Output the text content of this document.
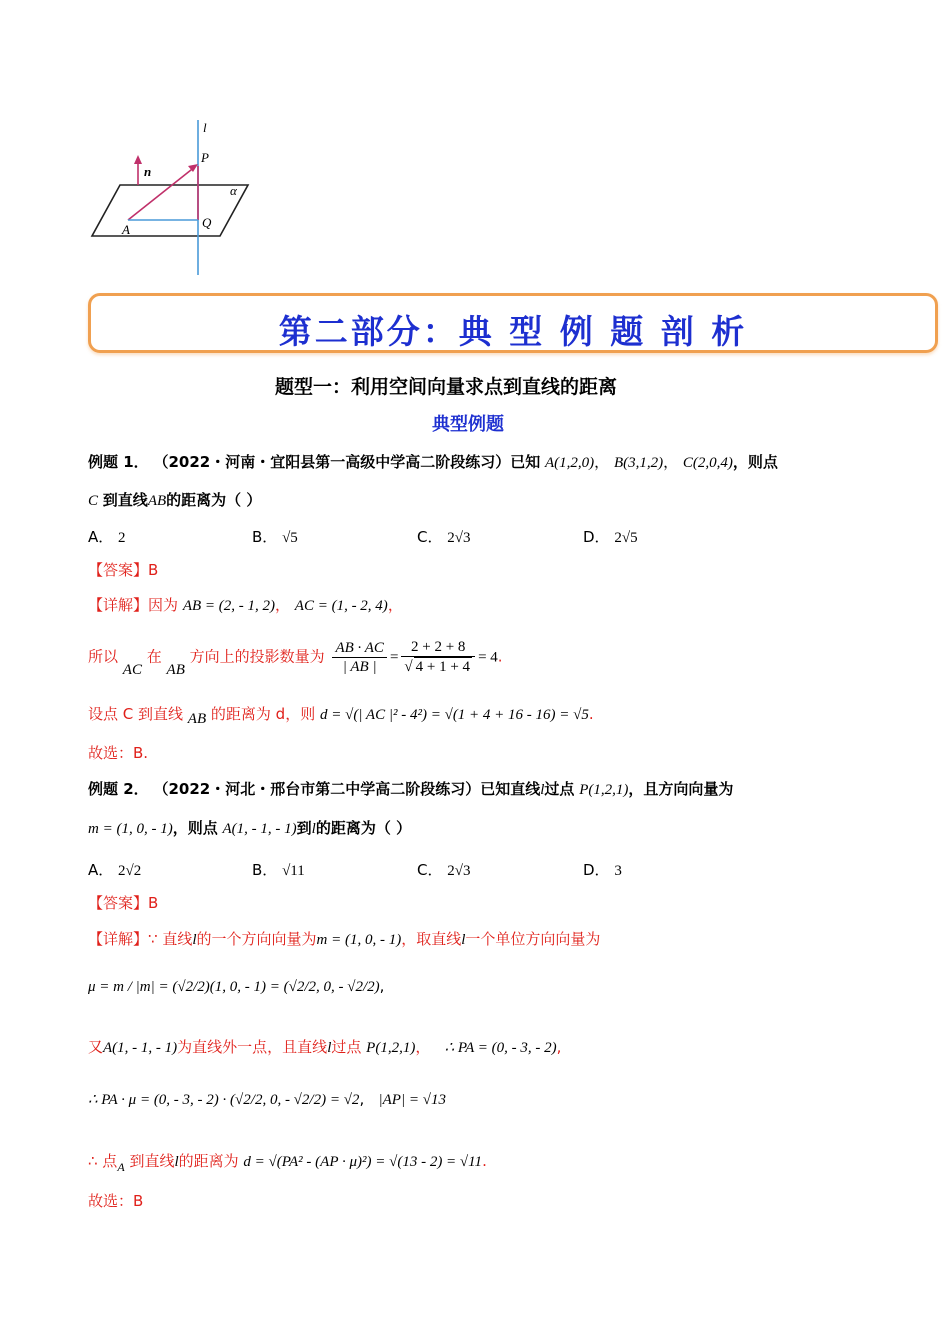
l
P
n
α
A	Q
第二部分：典 型 例 题 剖 析
题型一：利用空间向量求点到直线的距离
典型例题
例题 1． （2022・河南・宜阳县第一高级中学高二阶段练习）已知 A(1,2,0)， B(3,1,2)， C(2,0,4)，则点
C 到直线AB的距离为（ ）
A． 2	B． √5	C． 2√3	D． 2√5
【答案】B
【详解】因为 AB = (2, - 1, 2)， AC = (1, - 2, 4)，
所以 AC 在 AB 方向上的投影数量为 $\frac{AB \cdot AC}{| AB |} = \frac{2 + 2 + 8}{√ 4 + 1 + 4} = 4$.
设点 C 到直线 AB 的距离为 d，则 d = √(| AC |² - 4²) = √(1 + 4 + 16 - 16) = √5.
故选：B.
例题 2． （2022・河北・邢台市第二中学高二阶段练习）已知直线l过点 P(1,2,1)，且方向向量为
m = (1, 0, - 1)，则点 A(1, - 1, - 1)到l的距离为（ ）
A． 2√2	B． √11	C． 2√3	D． 3
【答案】B
【详解】∵ 直线l的一个方向向量为m = (1, 0, - 1)，取直线l一个单位方向向量为
μ = m / |m| = (√2/2)(1, 0, - 1) = (√2/2, 0, - √2/2),
又A(1, - 1, - 1)为直线外一点，且直线l过点 P(1,2,1)，   ∴ PA = (0, - 3, - 2),
∴ PA · μ = (0, - 3, - 2) · (√2/2, 0, - √2/2) = √2,   |AP| = √13
∴ 点$_A$ 到直线l的距离为 d = √(PA² - (AP · μ)²) = √(13 - 2) = √11.
故选：B
